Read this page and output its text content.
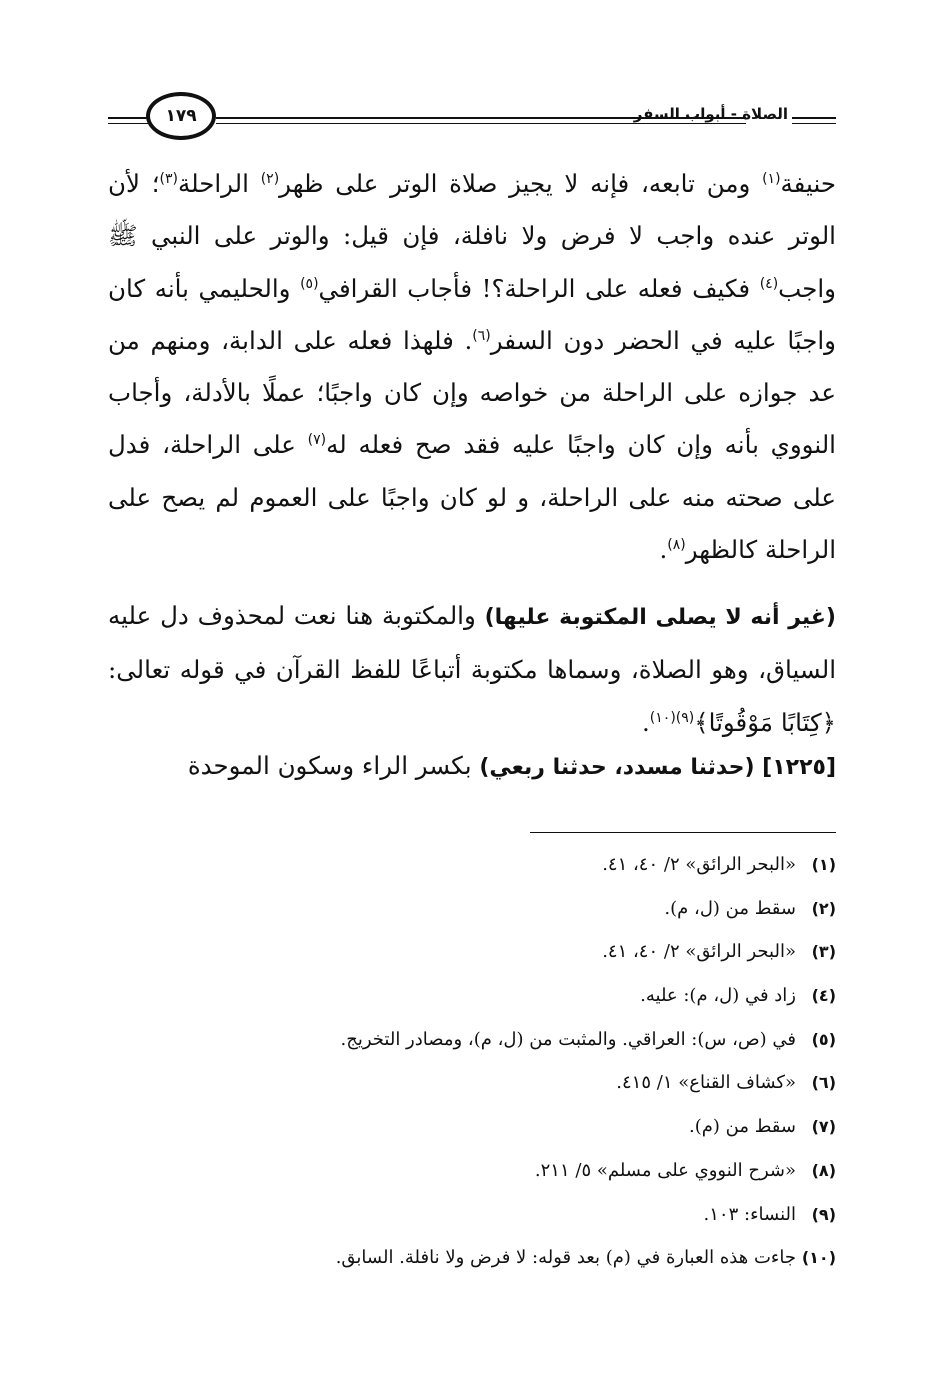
الصلاة - أبواب السفر
١٧٩

حنيفة$^{(١)}$ ومن تابعه، فإنه لا يجيز صلاة الوتر على ظهر$^{(٢)}$ الراحلة$^{(٣)}$؛ لأن الوتر عنده واجب لا فرض ولا نافلة، فإن قيل: والوتر على النبي ﷺ واجب$^{(٤)}$ فكيف فعله على الراحلة؟! فأجاب القرافي$^{(٥)}$ والحليمي بأنه كان واجبًا عليه في الحضر دون السفر$^{(٦)}$. فلهذا فعله على الدابة، ومنهم من عد جوازه على الراحلة من خواصه وإن كان واجبًا؛ عملًا بالأدلة، وأجاب النووي بأنه وإن كان واجبًا عليه فقد صح فعله له$^{(٧)}$ على الراحلة، فدل على صحته منه على الراحلة، و لو كان واجبًا على العموم لم يصح على الراحلة كالظهر$^{(٨)}$.

(غير أنه لا يصلى المكتوبة عليها) والمكتوبة هنا نعت لمحذوف دل عليه السياق، وهو الصلاة، وسماها مكتوبة أتباعًا للفظ القرآن في قوله تعالى: ﴿كِتَابًا مَوْقُوتًا﴾$^{(٩)(١٠)}$.

[١٢٢٥] (حدثنا مسدد، حدثنا ربعي) بكسر الراء وسكون الموحدة

(١)
«البحر الرائق» ٢/ ٤٠، ٤١.
(٢)
سقط من (ل، م).
(٣)
«البحر الرائق» ٢/ ٤٠، ٤١.
(٤)
زاد في (ل، م): عليه.
(٥)
في (ص، س): العراقي. والمثبت من (ل، م)، ومصادر التخريج.
(٦)
«كشاف القناع» ١/ ٤١٥.
(٧)
سقط من (م).
(٨)
«شرح النووي على مسلم» ٥/ ٢١١.
(٩)
النساء: ١٠٣.
(١٠)
جاءت هذه العبارة في (م) بعد قوله: لا فرض ولا نافلة. السابق.
